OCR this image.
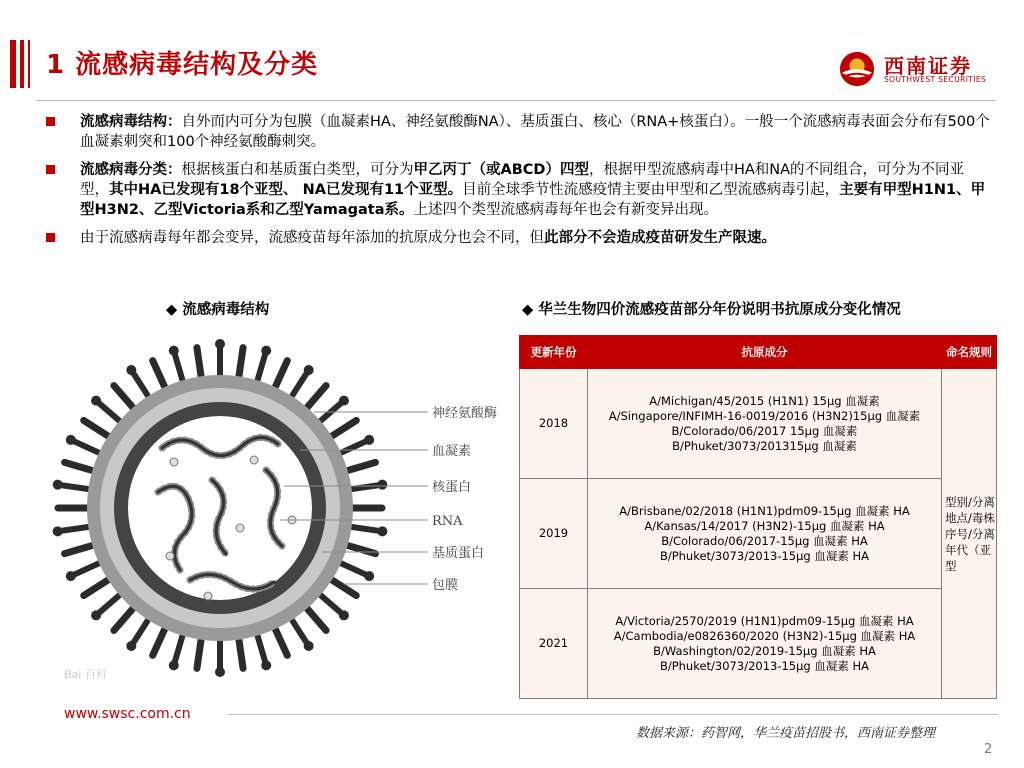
1 流感病毒结构及分类	西南证券
SOUTHWEST SECURITIES
流感病毒结构：自外而内可分为包膜（血凝素HA、神经氨酸酶NA）、基质蛋白、核心（RNA+核蛋白）。一般一个流感病毒表面会分布有500个血凝素刺突和100个神经氨酸酶刺突。
流感病毒分类：根据核蛋白和基质蛋白类型，可分为甲乙丙丁（或ABCD）四型，根据甲型流感病毒中HA和NA的不同组合，可分为不同亚型，其中HA已发现有18个亚型、 NA已发现有11个亚型。目前全球季节性流感疫情主要由甲型和乙型流感病毒引起，主要有甲型H1N1、甲型H3N2、乙型Victoria系和乙型Yamagata系。上述四个类型流感病毒每年也会有新变异出现。
由于流感病毒每年都会变异，流感疫苗每年添加的抗原成分也会不同，但此部分不会造成疫苗研发生产限速。
◆ 流感病毒结构	◆ 华兰生物四价流感疫苗部分年份说明书抗原成分变化情况
神经氨酸酶
血凝素
核蛋白
RNA
基质蛋白
包膜
Bai 百科
更新年份	抗原成分	命名规则
2018	A/Michigan/45/2015 (H1N1) 15μg 血凝素
A/Singapore/INFIMH-16-0019/2016 (H3N2)15μg 血凝素
B/Colorado/06/2017 15μg 血凝素
B/Phuket/3073/201315μg 血凝素	型别/分离地点/毒株序号/分离年代（亚型
2019	A/Brisbane/02/2018 (H1N1)pdm09-15μg 血凝素 HA
A/Kansas/14/2017 (H3N2)-15μg 血凝素 HA
B/Colorado/06/2017-15μg 血凝素 HA
B/Phuket/3073/2013-15μg 血凝素 HA	

2021	A/Victoria/2570/2019 (H1N1)pdm09-15μg 血凝素 HA
A/Cambodia/e0826360/2020 (H3N2)-15μg 血凝素 HA
B/Washington/02/2019-15μg 血凝素 HA
B/Phuket/3073/2013-15μg 血凝素 HA	
www.swsc.com.cn
数据来源：药智网，华兰疫苗招股书，西南证券整理
2
